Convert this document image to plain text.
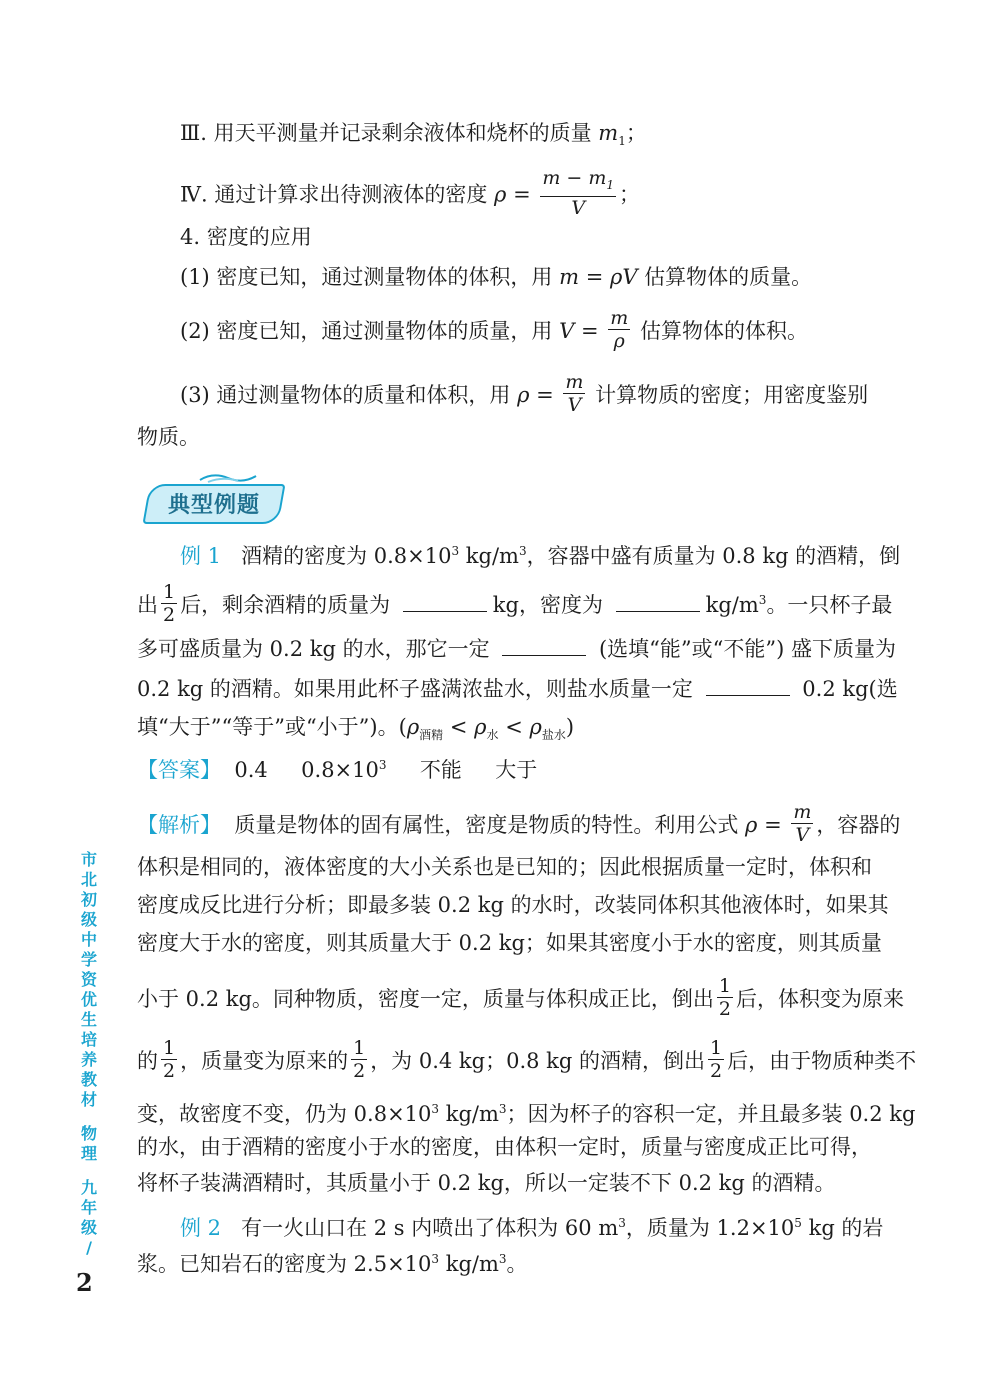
Ⅲ. 用天平测量并记录剩余液体和烧杯的质量 $m_1$；
Ⅳ. 通过计算求出待测液体的密度 $\rho = \frac{m - m_1}{V}$ ；
4. 密度的应用
(1) 密度已知，通过测量物体的体积，用 m = ρV 估算物体的质量。
(2) 密度已知，通过测量物体的质量，用 $V = \frac{m}{\rho}$ 估算物体的体积。
(3) 通过测量物体的质量和体积，用 $\rho = \frac{m}{V}$ 计算物质的密度；用密度鉴别
物质。
典型例题
例 1 酒精的密度为 $0.8\times 10^3$ $kg/m^3$，容器中盛有质量为 0.8 kg 的酒精，倒
出 $\frac{1}{2}$ 后，剩余酒精的质量为	kg，密度为	$kg/m^3$。一只杯子最
多可盛质量为 0.2 kg 的水，那它一定	(选填“能”或“不能”) 盛下质量为
0.2 kg 的酒精。如果用此杯子盛满浓盐水，则盐水质量一定	0.2 kg(选
填“大于”“等于”或“小于”)。$(\rho_{酒精} < \rho_水 < \rho_{盐水})$
【答案】 0.4 $0.8\times 10^3$ 不能 大于
【解析】 质量是物体的固有属性，密度是物质的特性。利用公式 $\rho = \frac{m}{V}$ ，容器的
体积是相同的，液体密度的大小关系也是已知的；因此根据质量一定时，体积和
密度成反比进行分析；即最多装 0.2 kg 的水时，改装同体积其他液体时，如果其
密度大于水的密度，则其质量大于 0.2 kg；如果其密度小于水的密度，则其质量
小于 0.2 kg。同种物质，密度一定，质量与体积成正比，倒出 $\frac{1}{2}$ 后，体积变为原来
的 $\frac{1}{2}$ ，质量变为原来的 $\frac{1}{2}$ ，为 0.4 kg；0.8 kg 的酒精，倒出 $\frac{1}{2}$ 后，由于物质种类不
变，故密度不变，仍为 $0.8\times 10^3$ $kg/m^3$；因为杯子的容积一定，并且最多装 0.2 kg
的水，由于酒精的密度小于水的密度，由体积一定时，质量与密度成正比可得，
将杯子装满酒精时，其质量小于 0.2 kg，所以一定装不下 0.2 kg 的酒精。
例 2 有一火山口在 2 s 内喷出了体积为 60 $m^3$，质量为 $1.2\times 10^5$ kg 的岩
浆。已知岩石的密度为 $2.5\times 10^3$ $kg/m^3$。
市
北
初
级
中
学
资
优
生
培
养
教
材
物
理
九
年
级
/
2
